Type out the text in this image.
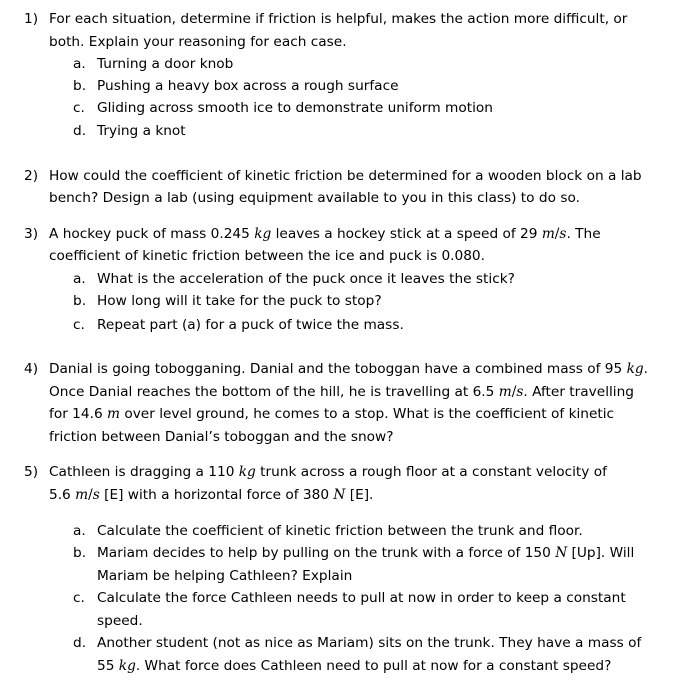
1) For each situation, determine if friction is helpful, makes the action more difficult, or
both. Explain your reasoning for each case.
a. Turning a door knob
b. Pushing a heavy box across a rough surface
c. Gliding across smooth ice to demonstrate uniform motion
d. Trying a knot
2) How could the coefficient of kinetic friction be determined for a wooden block on a lab
bench? Design a lab (using equipment available to you in this class) to do so.
3) A hockey puck of mass 0.245 kg leaves a hockey stick at a speed of 29 m/s. The
coefficient of kinetic friction between the ice and puck is 0.080.
a. What is the acceleration of the puck once it leaves the stick?
b. How long will it take for the puck to stop?
c. Repeat part (a) for a puck of twice the mass.
4) Danial is going tobogganing. Danial and the toboggan have a combined mass of 95 kg.
Once Danial reaches the bottom of the hill, he is travelling at 6.5 m/s. After travelling
for 14.6 m over level ground, he comes to a stop. What is the coefficient of kinetic
friction between Danial’s toboggan and the snow?
5) Cathleen is dragging a 110 kg trunk across a rough floor at a constant velocity of
5.6 m/s [E] with a horizontal force of 380 N [E].
a. Calculate the coefficient of kinetic friction between the trunk and floor.
b. Mariam decides to help by pulling on the trunk with a force of 150 N [Up]. Will
Mariam be helping Cathleen? Explain
c. Calculate the force Cathleen needs to pull at now in order to keep a constant
speed.
d. Another student (not as nice as Mariam) sits on the trunk. They have a mass of
55 kg. What force does Cathleen need to pull at now for a constant speed?
